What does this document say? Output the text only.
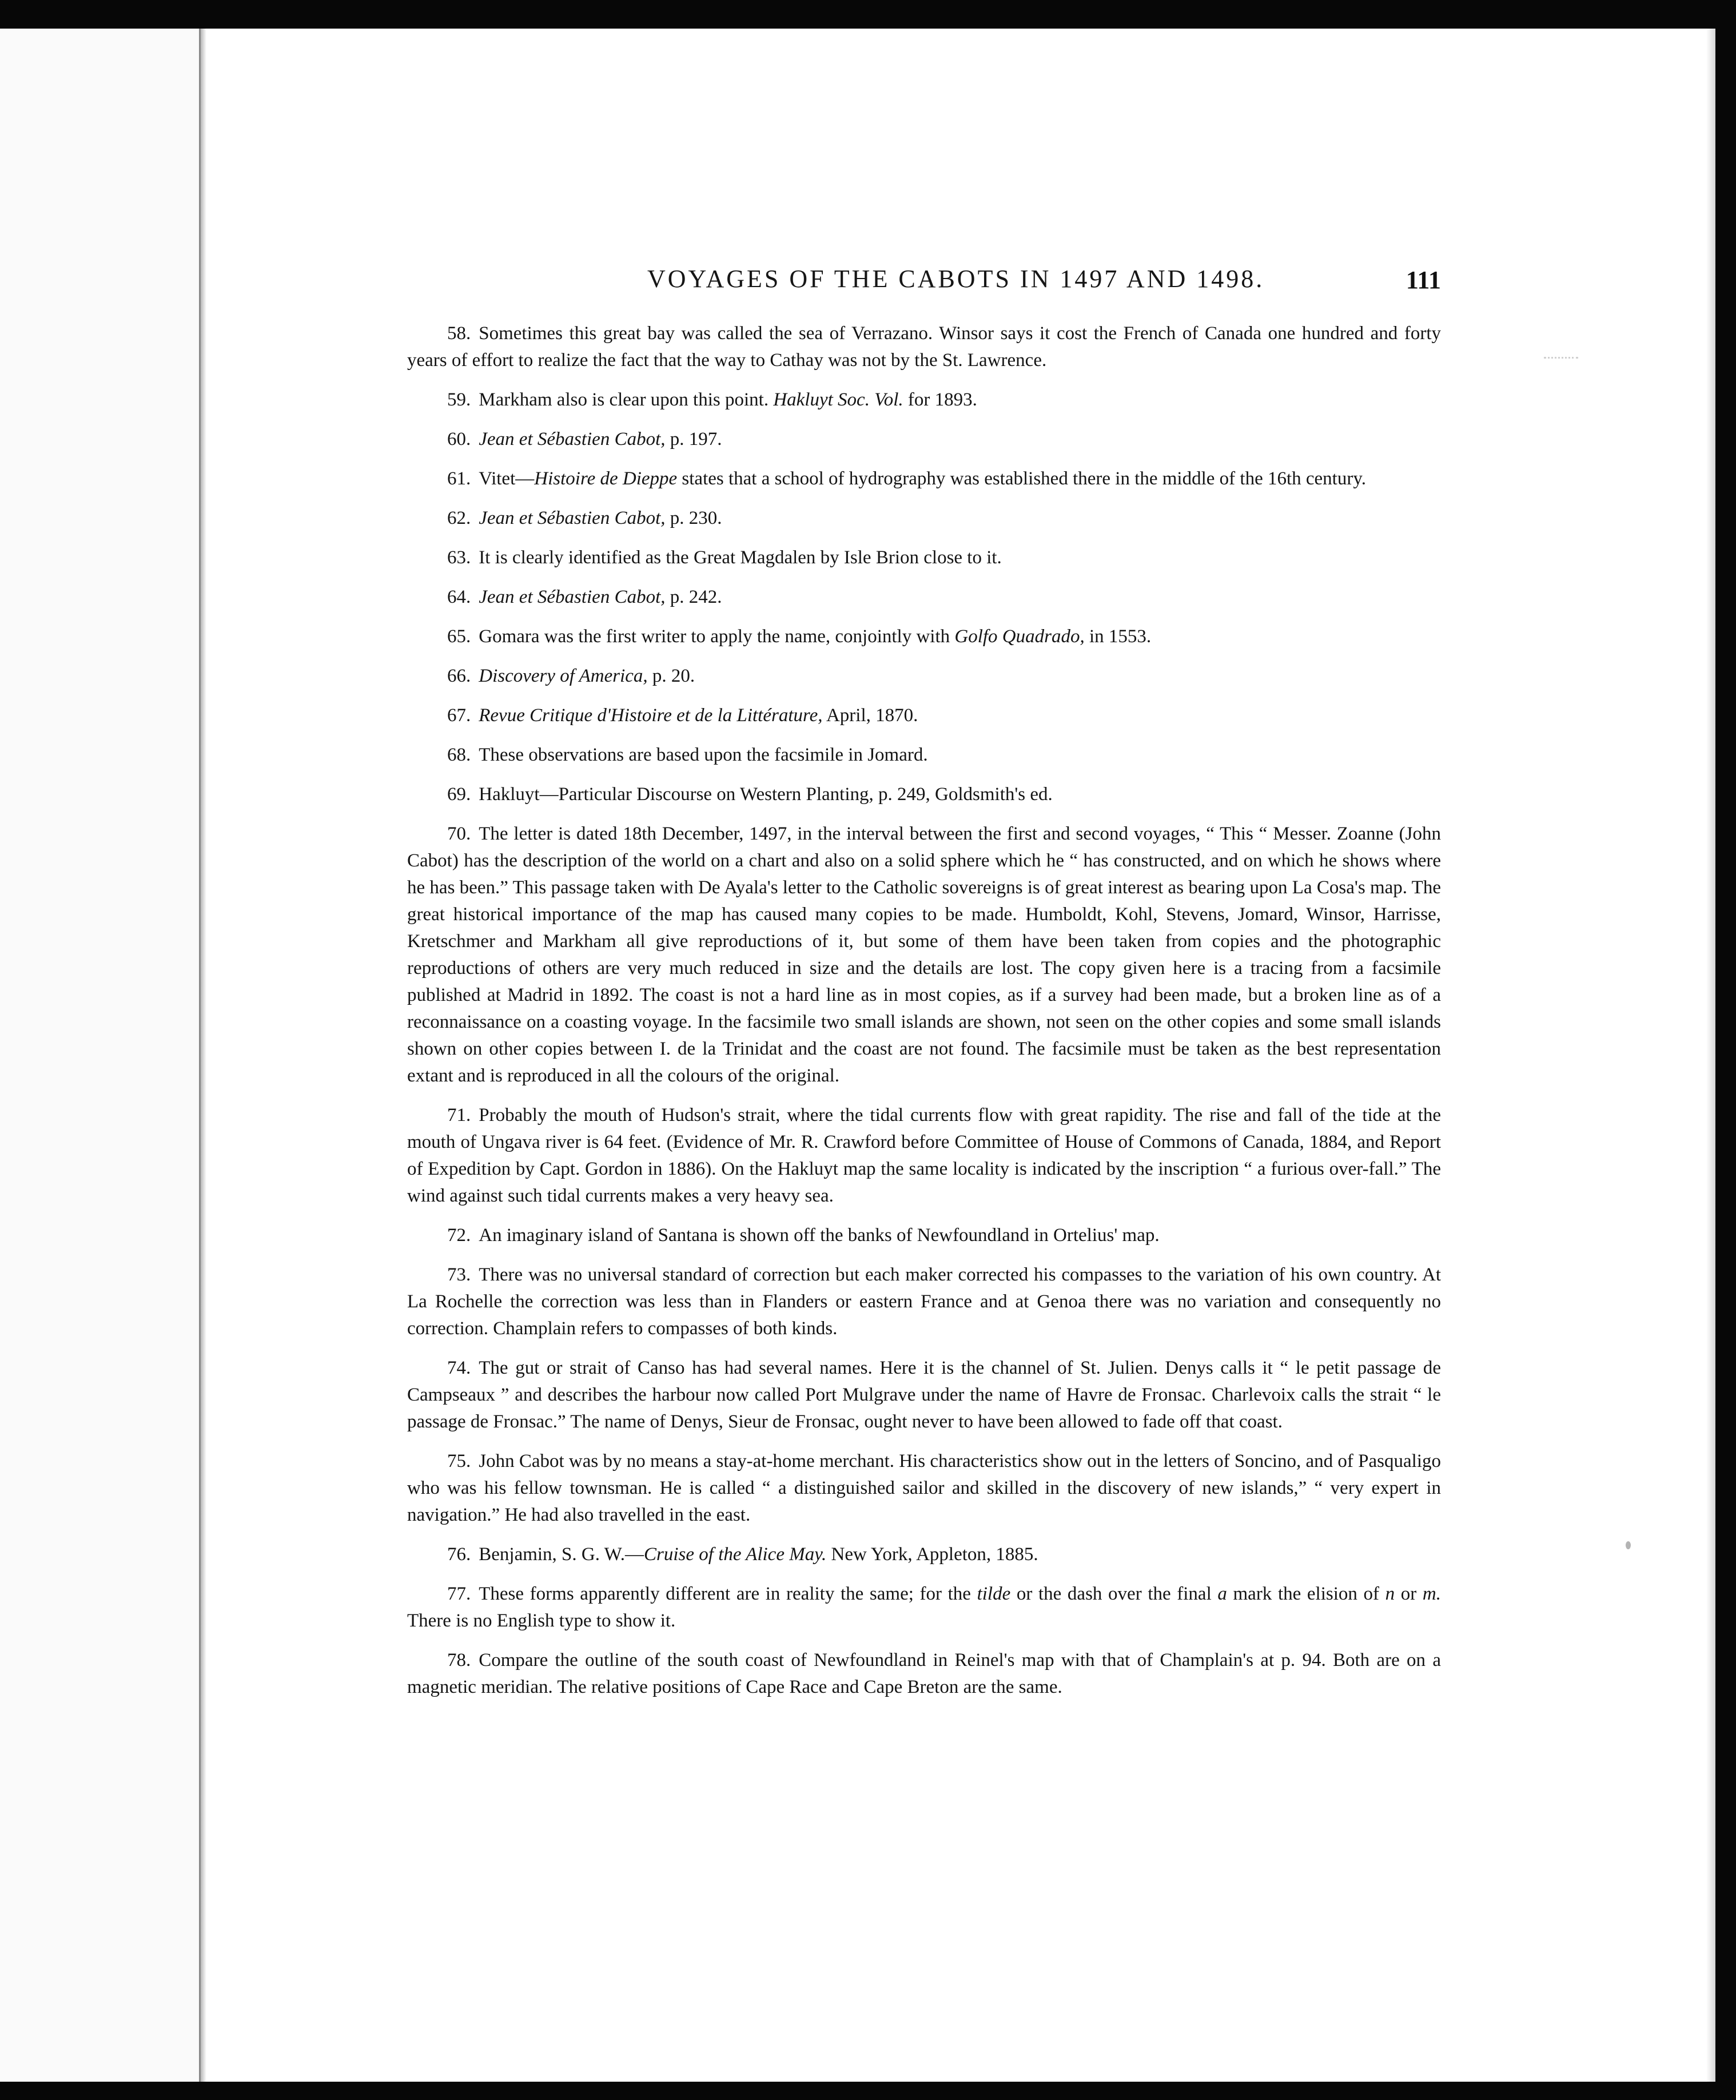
VOYAGES OF THE CABOTS IN 1497 AND 1498.	111

58. Sometimes this great bay was called the sea of Verrazano. Winsor says it cost the French of Canada one hundred and forty years of effort to realize the fact that the way to Cathay was not by the St. Lawrence.

59. Markham also is clear upon this point. Hakluyt Soc. Vol. for 1893.

60. Jean et Sébastien Cabot, p. 197.

61. Vitet—Histoire de Dieppe states that a school of hydrography was established there in the middle of the 16th century.

62. Jean et Sébastien Cabot, p. 230.

63. It is clearly identified as the Great Magdalen by Isle Brion close to it.

64. Jean et Sébastien Cabot, p. 242.

65. Gomara was the first writer to apply the name, conjointly with Golfo Quadrado, in 1553.

66. Discovery of America, p. 20.

67. Revue Critique d'Histoire et de la Littérature, April, 1870.

68. These observations are based upon the facsimile in Jomard.

69. Hakluyt—Particular Discourse on Western Planting, p. 249, Goldsmith's ed.

70. The letter is dated 18th December, 1497, in the interval between the first and second voyages, “ This “ Messer. Zoanne (John Cabot) has the description of the world on a chart and also on a solid sphere which he “ has constructed, and on which he shows where he has been.” This passage taken with De Ayala's letter to the Catholic sovereigns is of great interest as bearing upon La Cosa's map. The great historical importance of the map has caused many copies to be made. Humboldt, Kohl, Stevens, Jomard, Winsor, Harrisse, Kretschmer and Markham all give reproductions of it, but some of them have been taken from copies and the photographic reproductions of others are very much reduced in size and the details are lost. The copy given here is a tracing from a facsimile published at Madrid in 1892. The coast is not a hard line as in most copies, as if a survey had been made, but a broken line as of a reconnaissance on a coasting voyage. In the facsimile two small islands are shown, not seen on the other copies and some small islands shown on other copies between I. de la Trinidat and the coast are not found. The facsimile must be taken as the best representation extant and is reproduced in all the colours of the original.

71. Probably the mouth of Hudson's strait, where the tidal currents flow with great rapidity. The rise and fall of the tide at the mouth of Ungava river is 64 feet. (Evidence of Mr. R. Crawford before Committee of House of Commons of Canada, 1884, and Report of Expedition by Capt. Gordon in 1886). On the Hakluyt map the same locality is indicated by the inscription “ a furious over-fall.” The wind against such tidal currents makes a very heavy sea.

72. An imaginary island of Santana is shown off the banks of Newfoundland in Ortelius' map.

73. There was no universal standard of correction but each maker corrected his compasses to the variation of his own country. At La Rochelle the correction was less than in Flanders or eastern France and at Genoa there was no variation and consequently no correction. Champlain refers to compasses of both kinds.

74. The gut or strait of Canso has had several names. Here it is the channel of St. Julien. Denys calls it “ le petit passage de Campseaux ” and describes the harbour now called Port Mulgrave under the name of Havre de Fronsac. Charlevoix calls the strait “ le passage de Fronsac.” The name of Denys, Sieur de Fronsac, ought never to have been allowed to fade off that coast.

75. John Cabot was by no means a stay-at-home merchant. His characteristics show out in the letters of Soncino, and of Pasqualigo who was his fellow townsman. He is called “ a distinguished sailor and skilled in the discovery of new islands,” “ very expert in navigation.” He had also travelled in the east.

76. Benjamin, S. G. W.—Cruise of the Alice May. New York, Appleton, 1885.

77. These forms apparently different are in reality the same; for the tilde or the dash over the final a mark the elision of n or m. There is no English type to show it.

78. Compare the outline of the south coast of Newfoundland in Reinel's map with that of Champlain's at p. 94. Both are on a magnetic meridian. The relative positions of Cape Race and Cape Breton are the same.
